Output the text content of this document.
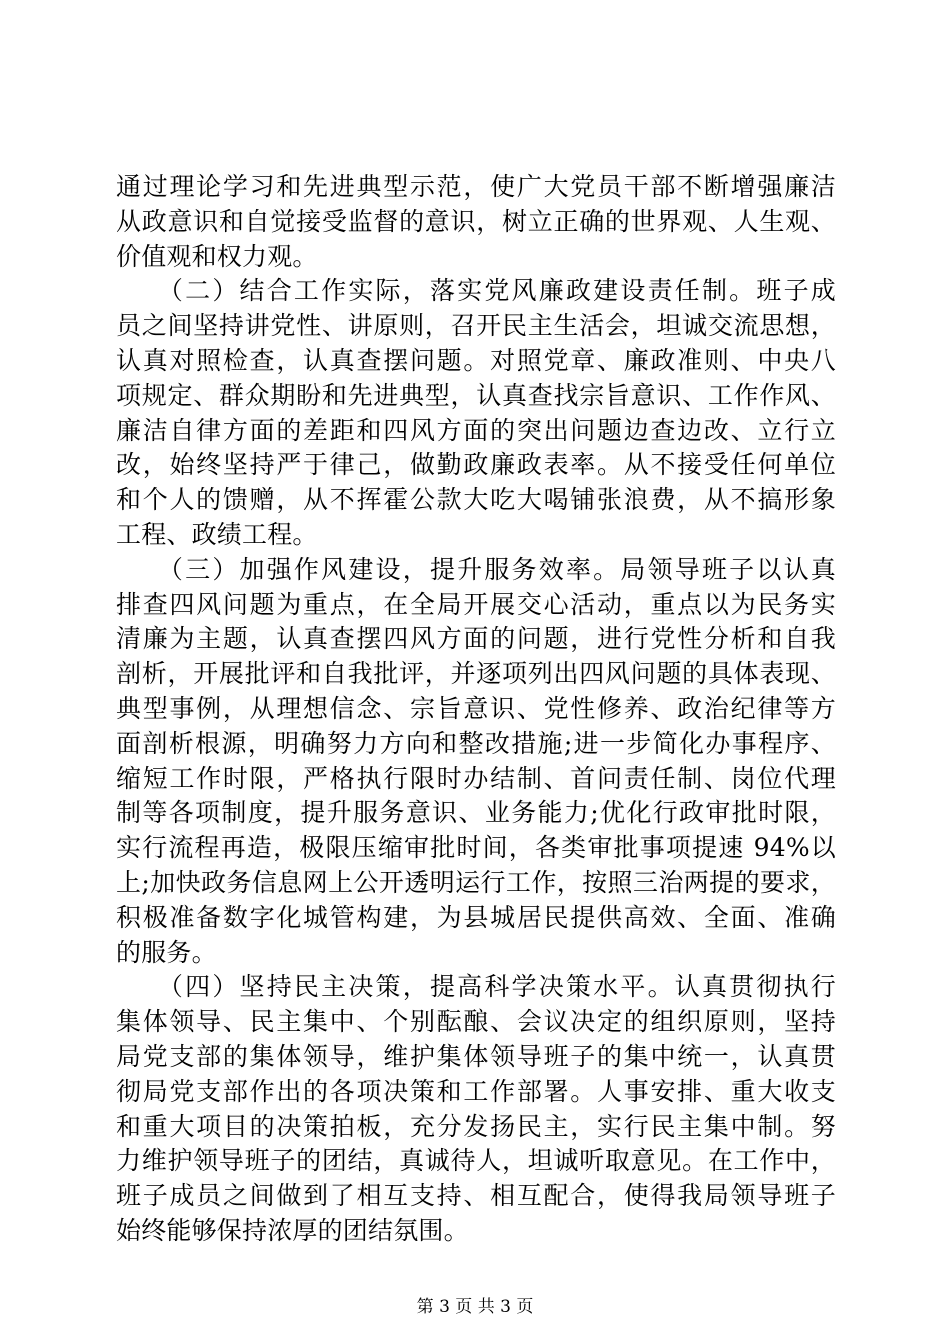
通过理论学习和先进典型示范，使广大党员干部不断增强廉洁
从政意识和自觉接受监督的意识，树立正确的世界观、人生观、
价值观和权力观。
　　（二）结合工作实际，落实党风廉政建设责任制。班子成
员之间坚持讲党性、讲原则，召开民主生活会，坦诚交流思想，
认真对照检查，认真查摆问题。对照党章、廉政准则、中央八
项规定、群众期盼和先进典型，认真查找宗旨意识、工作作风、
廉洁自律方面的差距和四风方面的突出问题边查边改、立行立
改，始终坚持严于律己，做勤政廉政表率。从不接受任何单位
和个人的馈赠，从不挥霍公款大吃大喝铺张浪费，从不搞形象
工程、政绩工程。
　　（三）加强作风建设，提升服务效率。局领导班子以认真
排查四风问题为重点，在全局开展交心活动，重点以为民务实
清廉为主题，认真查摆四风方面的问题，进行党性分析和自我
剖析，开展批评和自我批评，并逐项列出四风问题的具体表现、
典型事例，从理想信念、宗旨意识、党性修养、政治纪律等方
面剖析根源，明确努力方向和整改措施;进一步简化办事程序、
缩短工作时限，严格执行限时办结制、首问责任制、岗位代理
制等各项制度，提升服务意识、业务能力;优化行政审批时限，
实行流程再造，极限压缩审批时间，各类审批事项提速 94%以
上;加快政务信息网上公开透明运行工作，按照三治两提的要求，
积极准备数字化城管构建，为县城居民提供高效、全面、准确
的服务。
　　（四）坚持民主决策，提高科学决策水平。认真贯彻执行
集体领导、民主集中、个别酝酿、会议决定的组织原则，坚持
局党支部的集体领导，维护集体领导班子的集中统一，认真贯
彻局党支部作出的各项决策和工作部署。人事安排、重大收支
和重大项目的决策拍板，充分发扬民主，实行民主集中制。努
力维护领导班子的团结，真诚待人，坦诚听取意见。在工作中，
班子成员之间做到了相互支持、相互配合，使得我局领导班子
始终能够保持浓厚的团结氛围。
第 3 页 共 3 页
